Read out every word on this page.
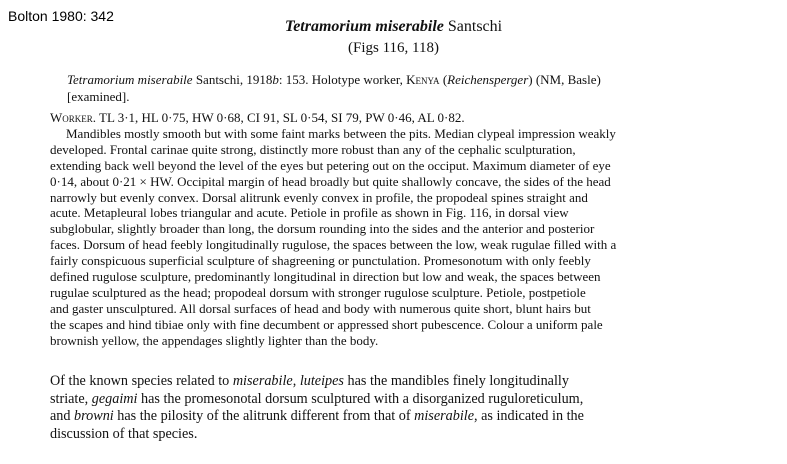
Bolton 1980: 342
Tetramorium miserabile Santschi
(Figs 116, 118)
Tetramorium miserabile Santschi, 1918b: 153. Holotype worker, Kenya (Reichensperger) (NM, Basle)
[examined].
Worker. TL 3·1, HL 0·75, HW 0·68, CI 91, SL 0·54, SI 79, PW 0·46, AL 0·82.
Mandibles mostly smooth but with some faint marks between the pits. Median clypeal impression weakly
developed. Frontal carinae quite strong, distinctly more robust than any of the cephalic sculpturation,
extending back well beyond the level of the eyes but petering out on the occiput. Maximum diameter of eye
0·14, about 0·21 × HW. Occipital margin of head broadly but quite shallowly concave, the sides of the head
narrowly but evenly convex. Dorsal alitrunk evenly convex in profile, the propodeal spines straight and
acute. Metapleural lobes triangular and acute. Petiole in profile as shown in Fig. 116, in dorsal view
subglobular, slightly broader than long, the dorsum rounding into the sides and the anterior and posterior
faces. Dorsum of head feebly longitudinally rugulose, the spaces between the low, weak rugulae filled with a
fairly conspicuous superficial sculpture of shagreening or punctulation. Promesonotum with only feebly
defined rugulose sculpture, predominantly longitudinal in direction but low and weak, the spaces between
rugulae sculptured as the head; propodeal dorsum with stronger rugulose sculpture. Petiole, postpetiole
and gaster unsculptured. All dorsal surfaces of head and body with numerous quite short, blunt hairs but
the scapes and hind tibiae only with fine decumbent or appressed short pubescence. Colour a uniform pale
brownish yellow, the appendages slightly lighter than the body.
Of the known species related to miserabile, luteipes has the mandibles finely longitudinally
striate, gegaimi has the promesonotal dorsum sculptured with a disorganized ruguloreticulum,
and browni has the pilosity of the alitrunk different from that of miserabile, as indicated in the
discussion of that species.
